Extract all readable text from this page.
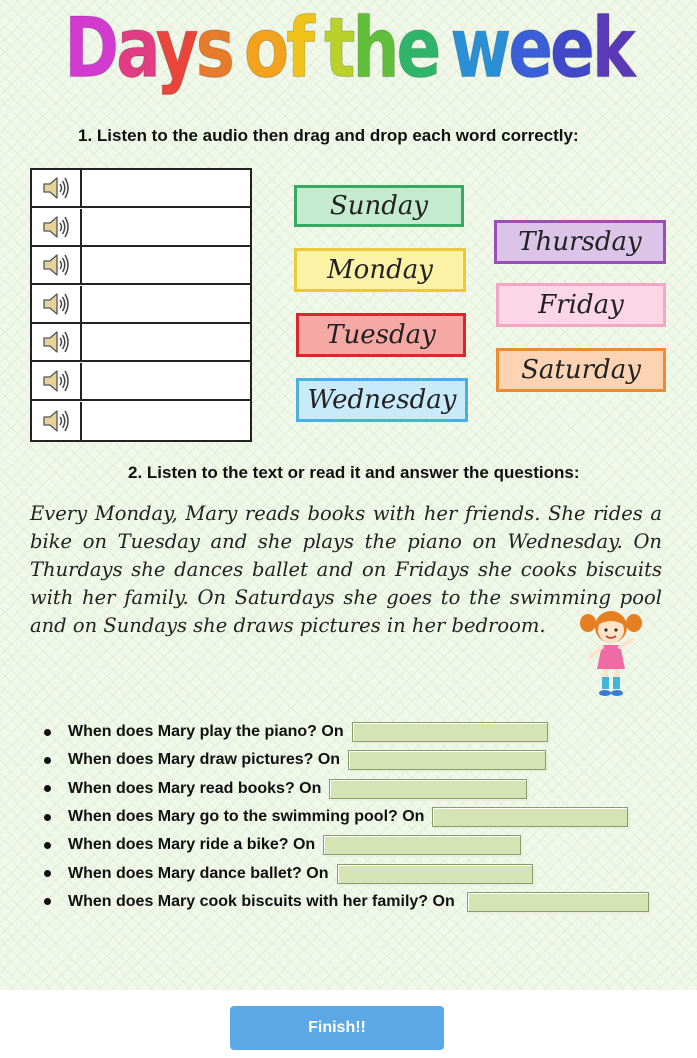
Days of the week
1. Listen to the audio then drag and drop each word correctly:
Sunday
Monday
Tuesday
Wednesday
Thursday
Friday
Saturday
2. Listen to the text or read it and answer the questions:
Every Monday, Mary reads books with her friends. She rides a bike on Tuesday and she plays the piano on Wednesday. On Thurdays she dances ballet and on Fridays she cooks biscuits with her family. On Saturdays she goes to the swimming pool and on Sundays she draws pictures in her bedroom.
When does Mary play the piano? On
When does Mary draw pictures? On
When does Mary read books? On
When does Mary go to the swimming pool? On
When does Mary ride a bike? On
When does Mary dance ballet? On
When does Mary cook biscuits with her family? On
Finish!!
